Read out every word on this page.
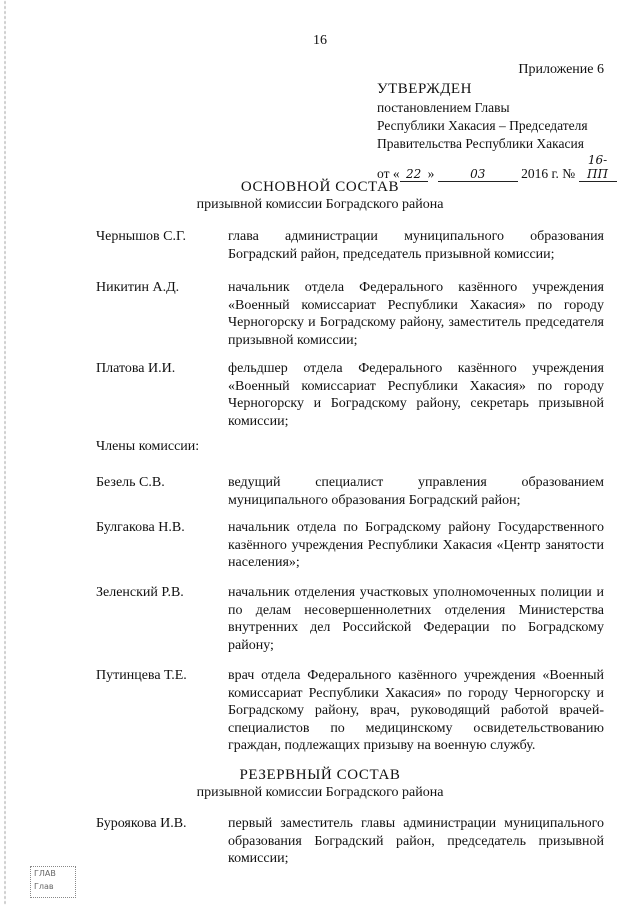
16
Приложение 6
УТВЕРЖДЕН
постановлением Главы
Республики Хакасия – Председателя
Правительства Республики Хакасия
от « 22 »	03	2016 г. № 16-ПП
ОСНОВНОЙ СОСТАВ
призывной комиссии Боградского района
Чернышов С.Г.	глава администрации муниципального образования Боградский район, председатель призывной комиссии;
Никитин А.Д.	начальник отдела Федерального казённого учреждения «Военный комиссариат Республики Хакасия» по городу Черногорску и Боградскому району, заместитель председателя призывной комиссии;
Платова И.И.	фельдшер отдела Федерального казённого учреждения «Военный комиссариат Республики Хакасия» по городу Черногорску и Боградскому району, секретарь призывной комиссии;
Члены комиссии:
Безель С.В.	ведущий специалист управления образованием муниципального образования Боградский район;
Булгакова Н.В.	начальник отдела по Боградскому району Государственного казённого учреждения Республики Хакасия «Центр занятости населения»;
Зеленский Р.В.	начальник отделения участковых уполномоченных полиции и по делам несовершеннолетних отделения Министерства внутренних дел Российской Федерации по Боградскому району;
Путинцева Т.Е.	врач отдела Федерального казённого учреждения «Военный комиссариат Республики Хакасия» по городу Черногорску и Боградскому району, врач, руководящий работой врачей-специалистов по медицинскому освидетельствованию граждан, подлежащих призыву на военную службу.
РЕЗЕРВНЫЙ СОСТАВ
призывной комиссии Боградского района
Буроякова И.В.	первый заместитель главы администрации муниципального образования Боградский район, председатель призывной комиссии;
ГЛАВ
Глав
